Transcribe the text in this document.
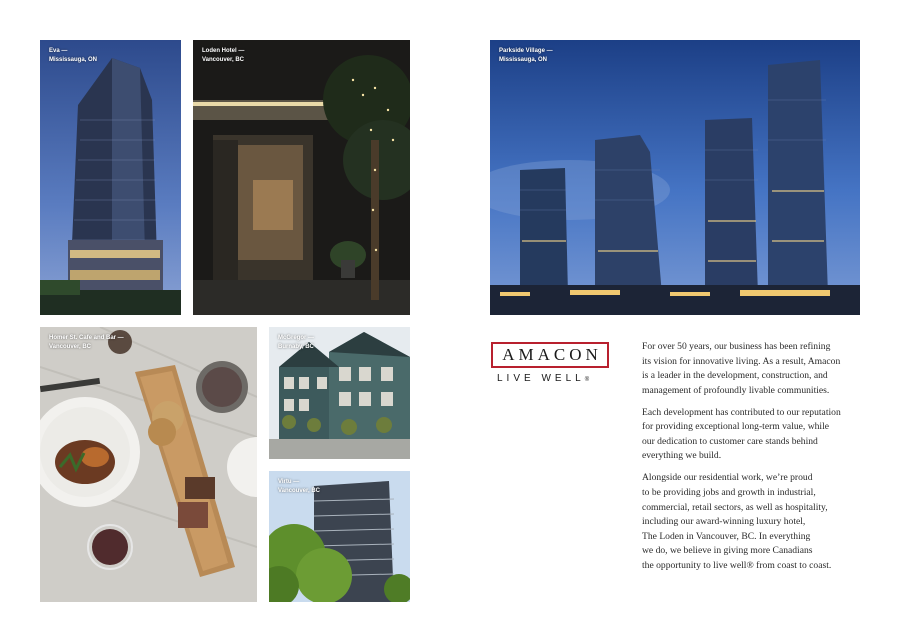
Eva —
Mississauga, ON
Loden Hotel —
Vancouver, BC
Parkside Village —
Mississauga, ON
Homer St. Cafe and Bar —
Vancouver, BC
McGregor —
Burnaby, BC
Virtu —
Vancouver, BC
AMACON
LIVE WELL®

For over 50 years, our business has been refining
its vision for innovative living. As a result, Amacon
is a leader in the development, construction, and
management of profoundly livable communities.

Each development has contributed to our reputation
for providing exceptional long-term value, while
our dedication to customer care stands behind
everything we build.

Alongside our residential work, we’re proud
to be providing jobs and growth in industrial,
commercial, retail sectors, as well as hospitality,
including our award-winning luxury hotel,
The Loden in Vancouver, BC. In everything
we do, we believe in giving more Canadians
the opportunity to live well® from coast to coast.
